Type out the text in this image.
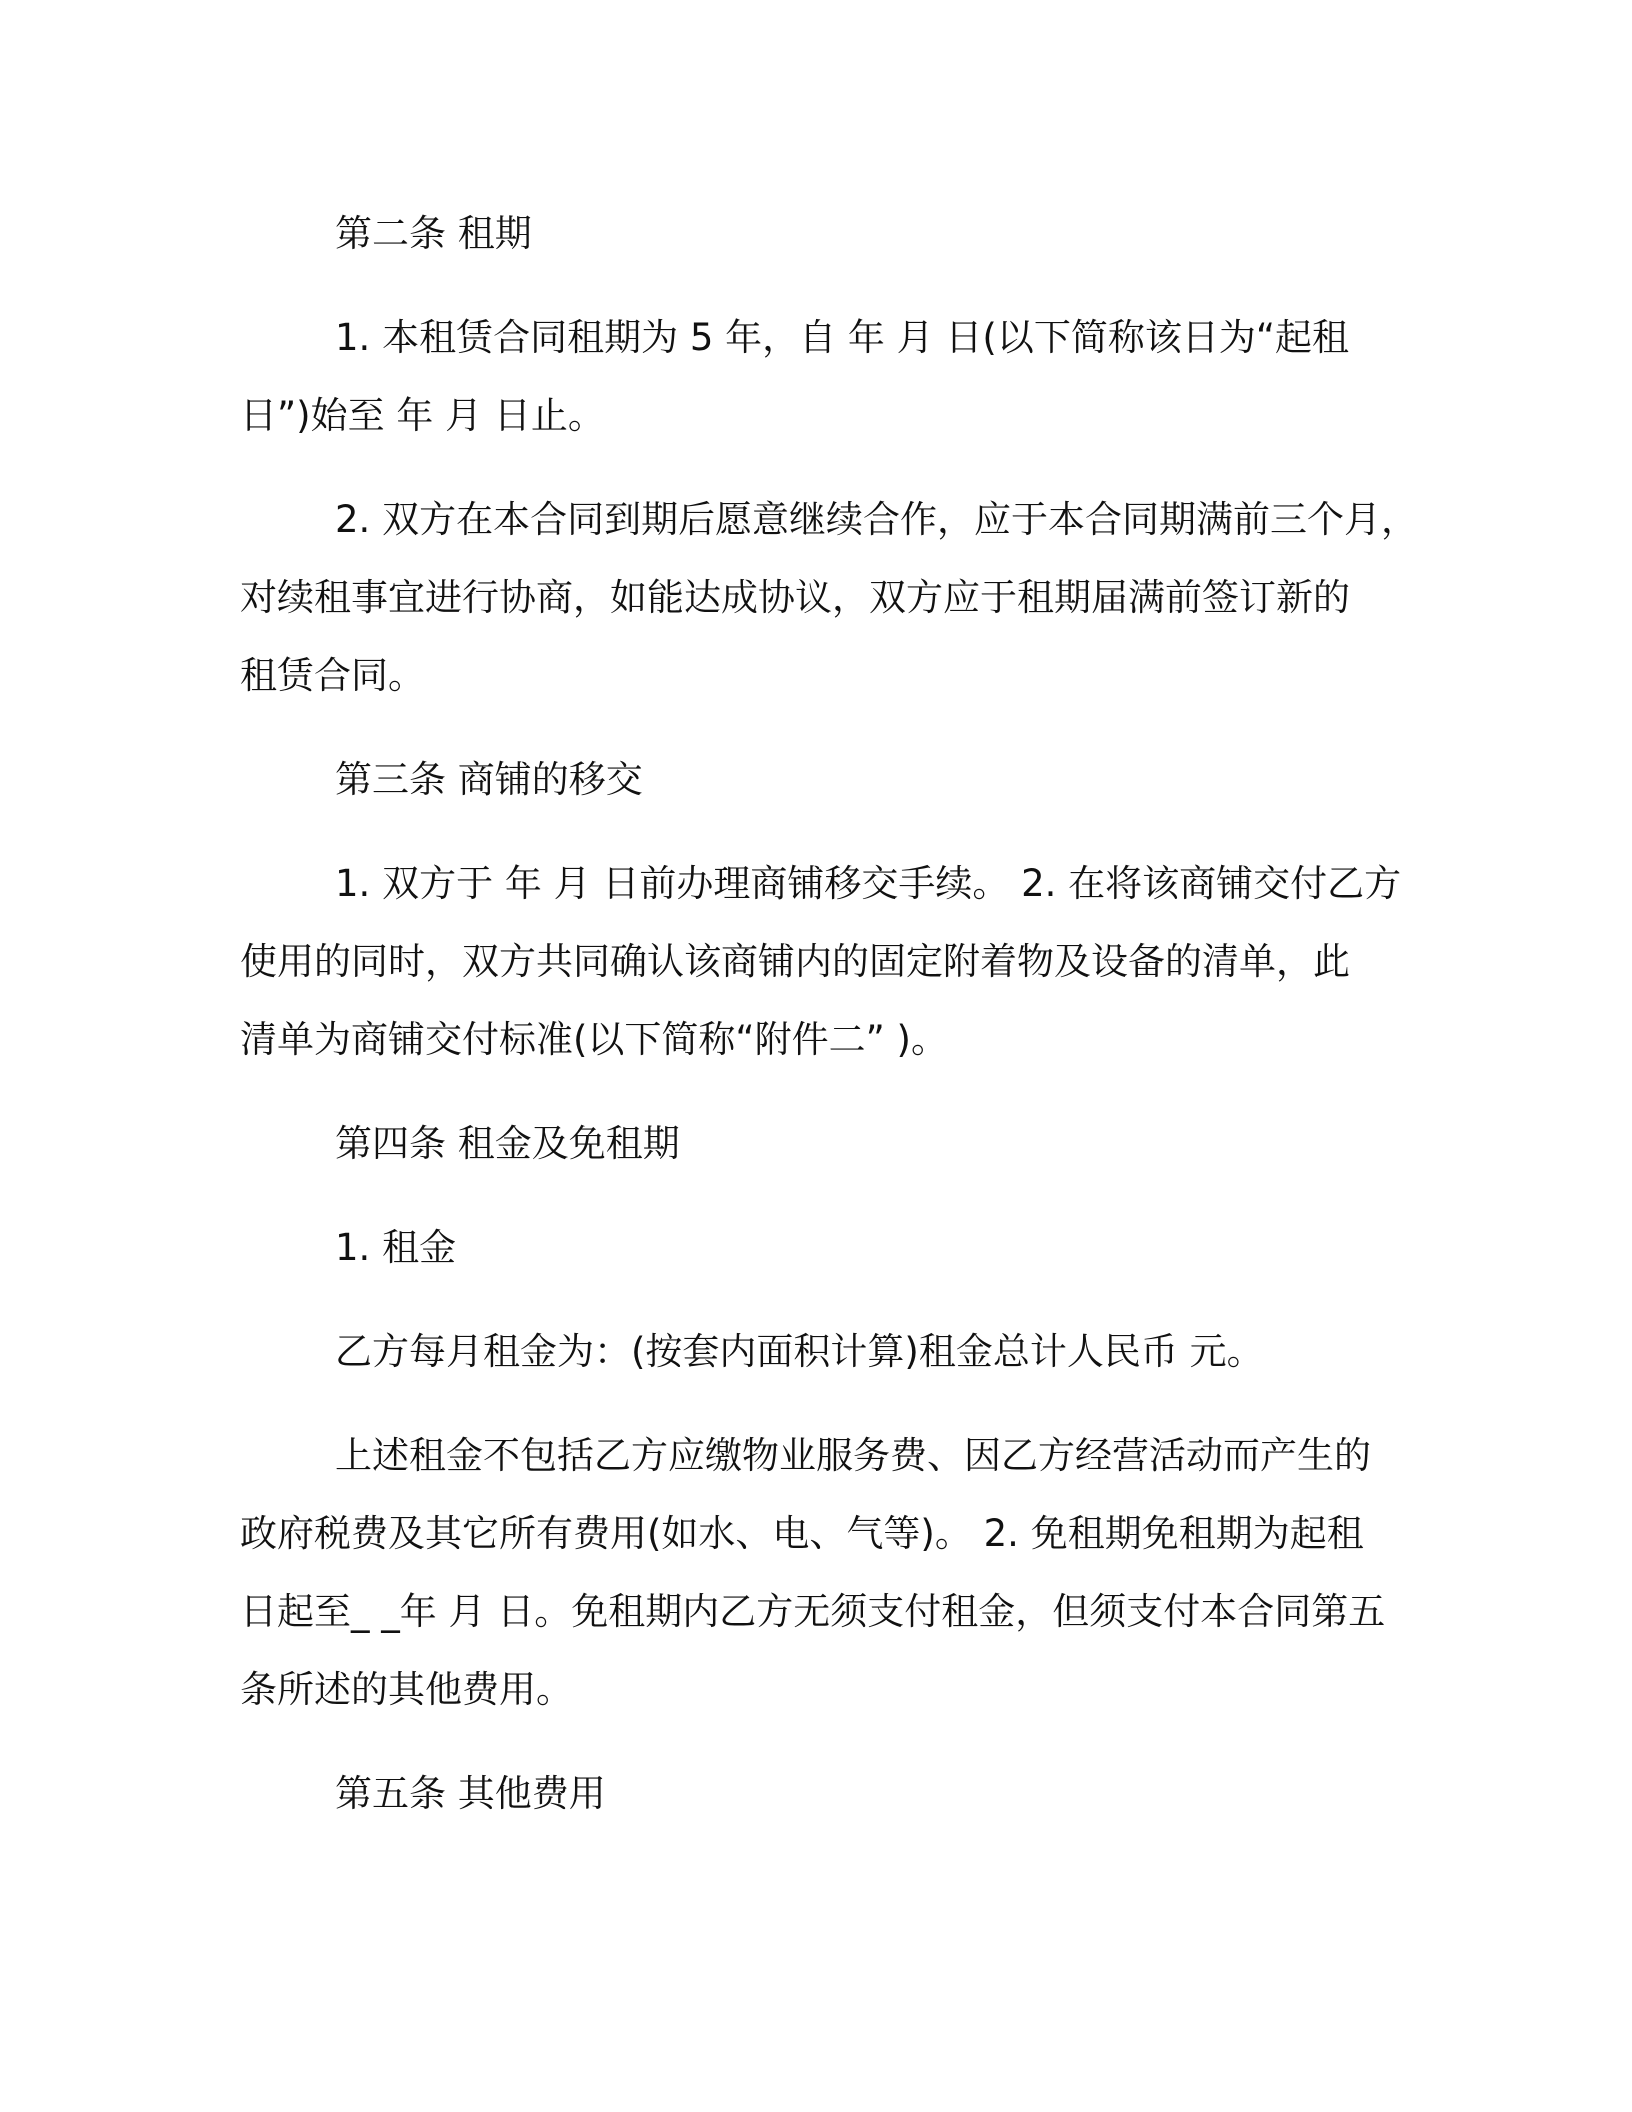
第二条 租期
1. 本租赁合同租期为 5 年，自 年 月 日(以下简称该日为“起租
日”)始至 年 月 日止。
2. 双方在本合同到期后愿意继续合作，应于本合同期满前三个月，
对续租事宜进行协商，如能达成协议，双方应于租期届满前签订新的
租赁合同。
第三条 商铺的移交
1. 双方于 年 月 日前办理商铺移交手续。 2. 在将该商铺交付乙方
使用的同时，双方共同确认该商铺内的固定附着物及设备的清单，此
清单为商铺交付标准(以下简称“附件二” )。
第四条 租金及免租期
1. 租金
乙方每月租金为：(按套内面积计算)租金总计人民币 元。
上述租金不包括乙方应缴物业服务费、因乙方经营活动而产生的
政府税费及其它所有费用(如水、电、气等)。 2. 免租期免租期为起租
日起至_ _年 月 日。免租期内乙方无须支付租金，但须支付本合同第五
条所述的其他费用。
第五条 其他费用
